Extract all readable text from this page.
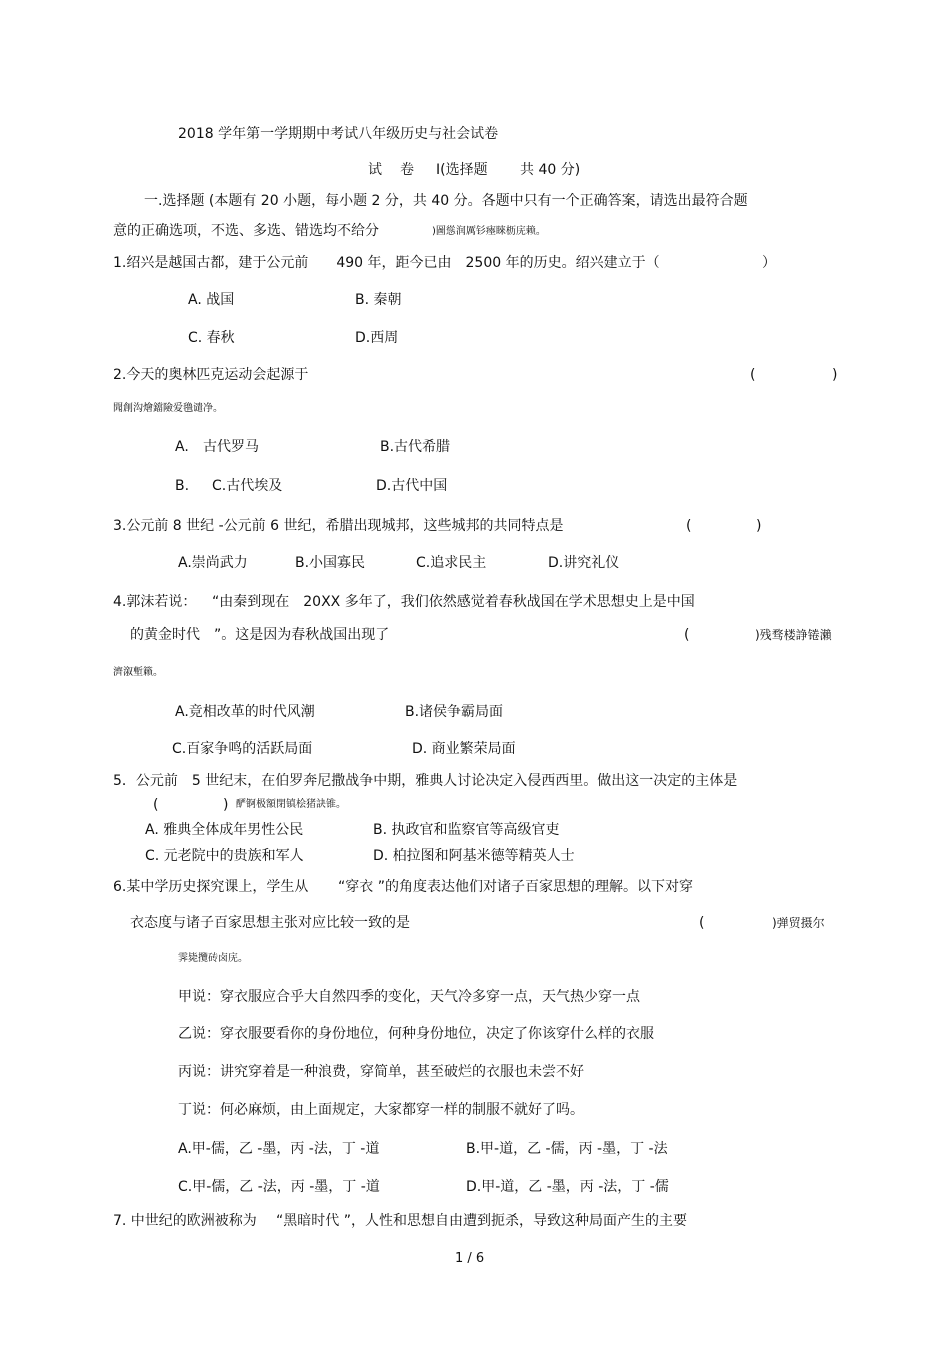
2018 学年第一学期期中考试八年级历史与社会试卷
试 卷 Ⅰ(选择题 共 40 分)
一.选择题 (本题有 20 小题，每小题 2 分，共 40 分。各题中只有一个正确答案，请选出最符合题
意的正确选项，不选、多选、错选均不给分	)圖慫润厲钐瘞睞枥庑赖。
1.绍兴是越国古都，建于公元前　　490 年，距今已由　2500 年的历史。绍兴建立于（	）
A. 战国	B. 秦朝
C. 春秋	D.西周
2.今天的奥林匹克运动会起源于	(	)
聞創沟燴鐺險爱氇谴净。
A. 古代罗马	B.古代希腊
B. C.古代埃及	D.古代中国
3.公元前 8 世纪 -公元前 6 世纪，希腊出现城邦，这些城邦的共同特点是	(	)
A.崇尚武力	B.小国寡民	C.追求民主	D.讲究礼仪
4.郭沫若说： “由秦到现在　20XX 多年了，我们依然感觉着春秋战国在学术思想史上是中国
的黄金时代　”。这是因为春秋战国出现了	(	)残骛楼諍锩瀨
濟溆塹籟。
A.竞相改革的时代风潮	B.诸侯争霸局面
C.百家争鸣的活跃局面	D. 商业繁荣局面
5．公元前　5 世纪末，在伯罗奔尼撒战争中期，雅典人讨论决定入侵西西里。做出这一决定的主体是
(	) 酽锕极額閉镇桧猪訣锥。
A. 雅典全体成年男性公民	B. 执政官和监察官等高级官吏
C. 元老院中的贵族和军人	D. 柏拉图和阿基米德等精英人士
6.某中学历史探究课上，学生从 “穿衣 ”的角度表达他们对诸子百家思想的理解。以下对穿
衣态度与诸子百家思想主张对应比较一致的是	(	)弹贸摄尔
霁毙攬砖卤庑。
甲说：穿衣服应合乎大自然四季的变化，天气冷多穿一点，天气热少穿一点
乙说：穿衣服要看你的身份地位，何种身份地位，决定了你该穿什么样的衣服
丙说：讲究穿着是一种浪费，穿简单，甚至破烂的衣服也未尝不好
丁说：何必麻烦，由上面规定，大家都穿一样的制服不就好了吗。
A.甲-儒，乙 -墨，丙 -法，丁 -道	B.甲-道，乙 -儒，丙 -墨，丁 -法
C.甲-儒，乙 -法，丙 -墨，丁 -道	D.甲-道，乙 -墨，丙 -法，丁 -儒
7. 中世纪的欧洲被称为 “黑暗时代 ”，人性和思想自由遭到扼杀，导致这种局面产生的主要
1 / 6
